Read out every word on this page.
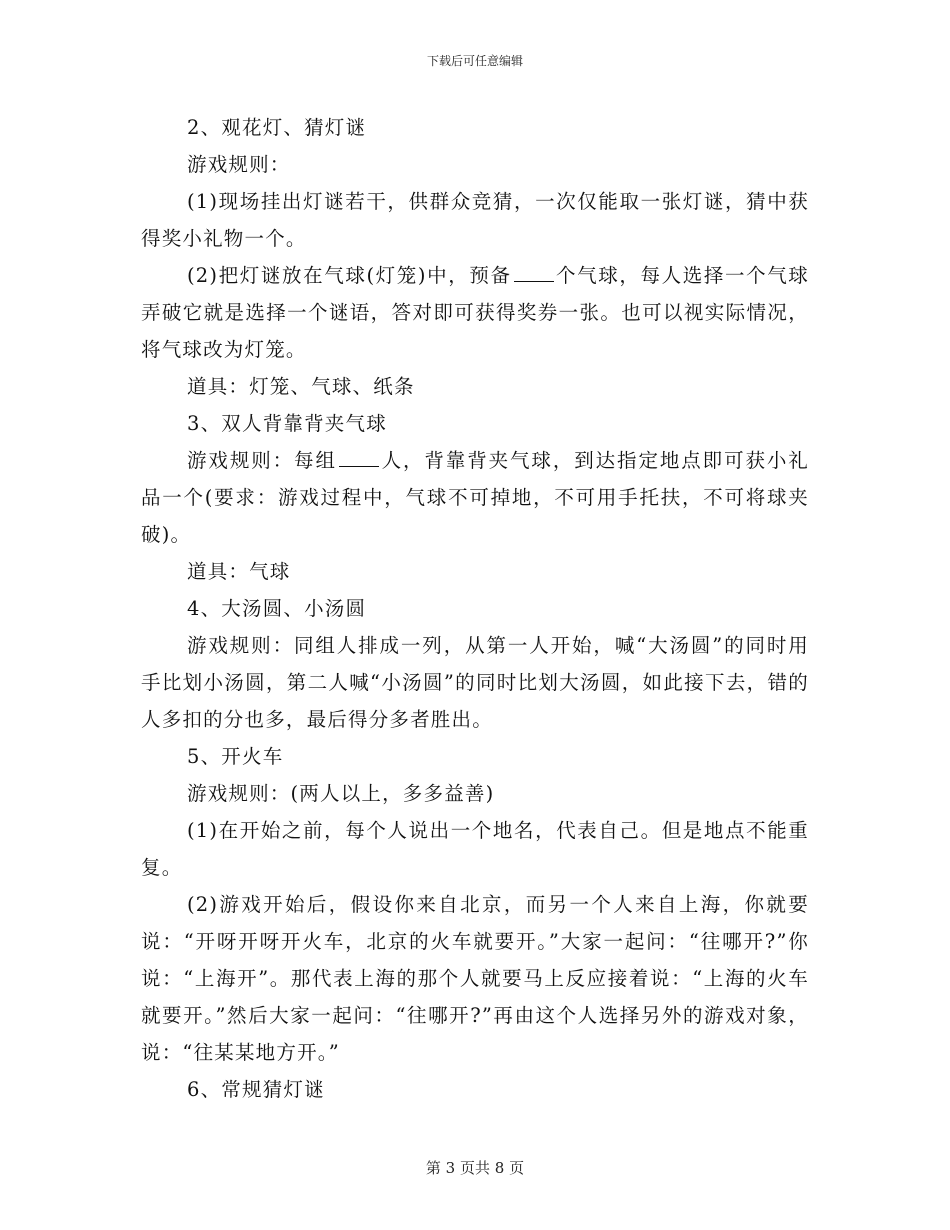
下载后可任意编辑

2、观花灯、猜灯谜

游戏规则：

(1)现场挂出灯谜若干，供群众竞猜，一次仅能取一张灯谜，猜中获得奖小礼物一个。

(2)把灯谜放在气球(灯笼)中，预备 个气球，每人选择一个气球弄破它就是选择一个谜语，答对即可获得奖券一张。也可以视实际情况，将气球改为灯笼。

道具：灯笼、气球、纸条

3、双人背靠背夹气球

游戏规则：每组 人，背靠背夹气球，到达指定地点即可获小礼品一个(要求：游戏过程中，气球不可掉地，不可用手托扶，不可将球夹破)。

道具：气球

4、大汤圆、小汤圆

游戏规则：同组人排成一列，从第一人开始，喊“大汤圆”的同时用手比划小汤圆，第二人喊“小汤圆”的同时比划大汤圆，如此接下去，错的人多扣的分也多，最后得分多者胜出。

5、开火车

游戏规则：(两人以上，多多益善)

(1)在开始之前，每个人说出一个地名，代表自己。但是地点不能重复。

(2)游戏开始后，假设你来自北京，而另一个人来自上海，你就要说：“开呀开呀开火车，北京的火车就要开。”大家一起问：“往哪开?”你说：“上海开”。那代表上海的那个人就要马上反应接着说：“上海的火车就要开。”然后大家一起问：“往哪开?”再由这个人选择另外的游戏对象，说：“往某某地方开。”

6、常规猜灯谜

第 3 页共 8 页
